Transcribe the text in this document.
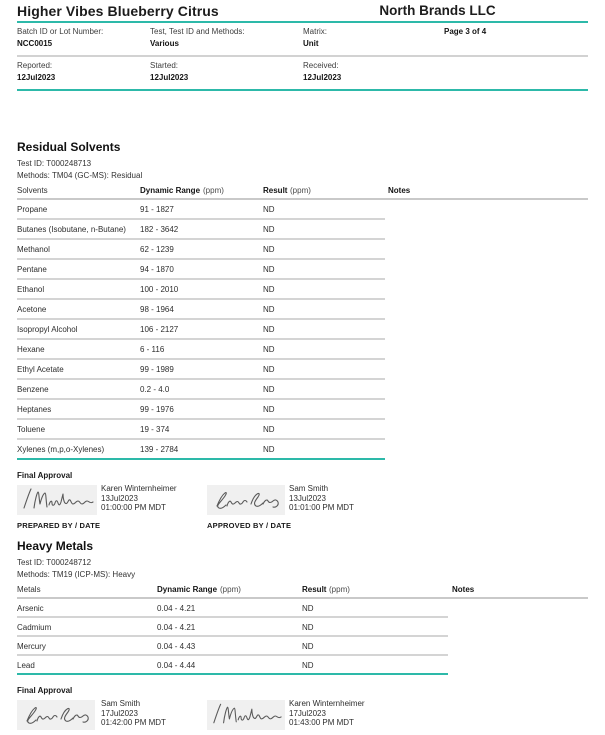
Higher Vibes Blueberry Citrus	North Brands LLC
Page 3 of 4
Batch ID or Lot Number:
NCC0015
Test, Test ID and Methods:
Various
Matrix:
Unit
Reported:
12Jul2023
Started:
12Jul2023
Received:
12Jul2023
Residual Solvents
Test ID: T000248713
Methods: TM04 (GC-MS): Residual
Solvents	Dynamic Range (ppm)	Result (ppm)	Notes
Propane	91 - 1827	ND
Butanes (Isobutane, n-Butane)	182 - 3642	ND
Methanol	62 - 1239	ND
Pentane	94 - 1870	ND
Ethanol	100 - 2010	ND
Acetone	98 - 1964	ND
Isopropyl Alcohol	106 - 2127	ND
Hexane	6 - 116	ND
Ethyl Acetate	99 - 1989	ND
Benzene	0.2 - 4.0	ND
Heptanes	99 - 1976	ND
Toluene	19 - 374	ND
Xylenes (m,p,o-Xylenes)	139 - 2784	ND
Final Approval
Karen Winternheimer
13Jul2023
01:00:00 PM MDT
Sam Smith
13Jul2023
01:01:00 PM MDT
PREPARED BY / DATE	APPROVED BY / DATE
Heavy Metals
Test ID: T000248712
Methods: TM19 (ICP-MS): Heavy
Metals	Dynamic Range (ppm)	Result (ppm)	Notes
Arsenic	0.04 - 4.21	ND
Cadmium	0.04 - 4.21	ND
Mercury	0.04 - 4.43	ND
Lead	0.04 - 4.44	ND
Final Approval
Sam Smith
17Jul2023
01:42:00 PM MDT
Karen Winternheimer
17Jul2023
01:43:00 PM MDT
